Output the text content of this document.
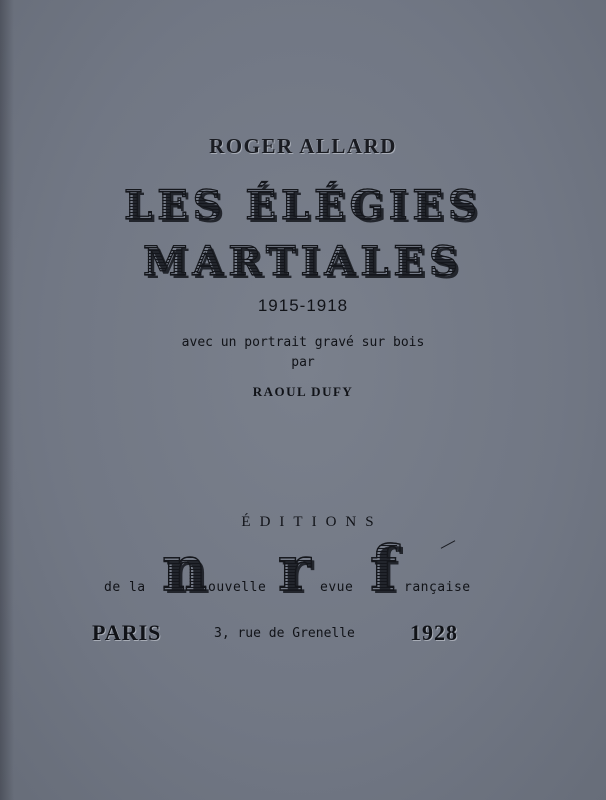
ROGER ALLARD
LES ÉLÉGIES
MARTIALES
1915-1918
avec un portrait gravé sur bois
par
RAOUL DUFY
ÉDITIONS
de la n ouvelle r evue f rançaise
PARIS	3, rue de Grenelle	1928
